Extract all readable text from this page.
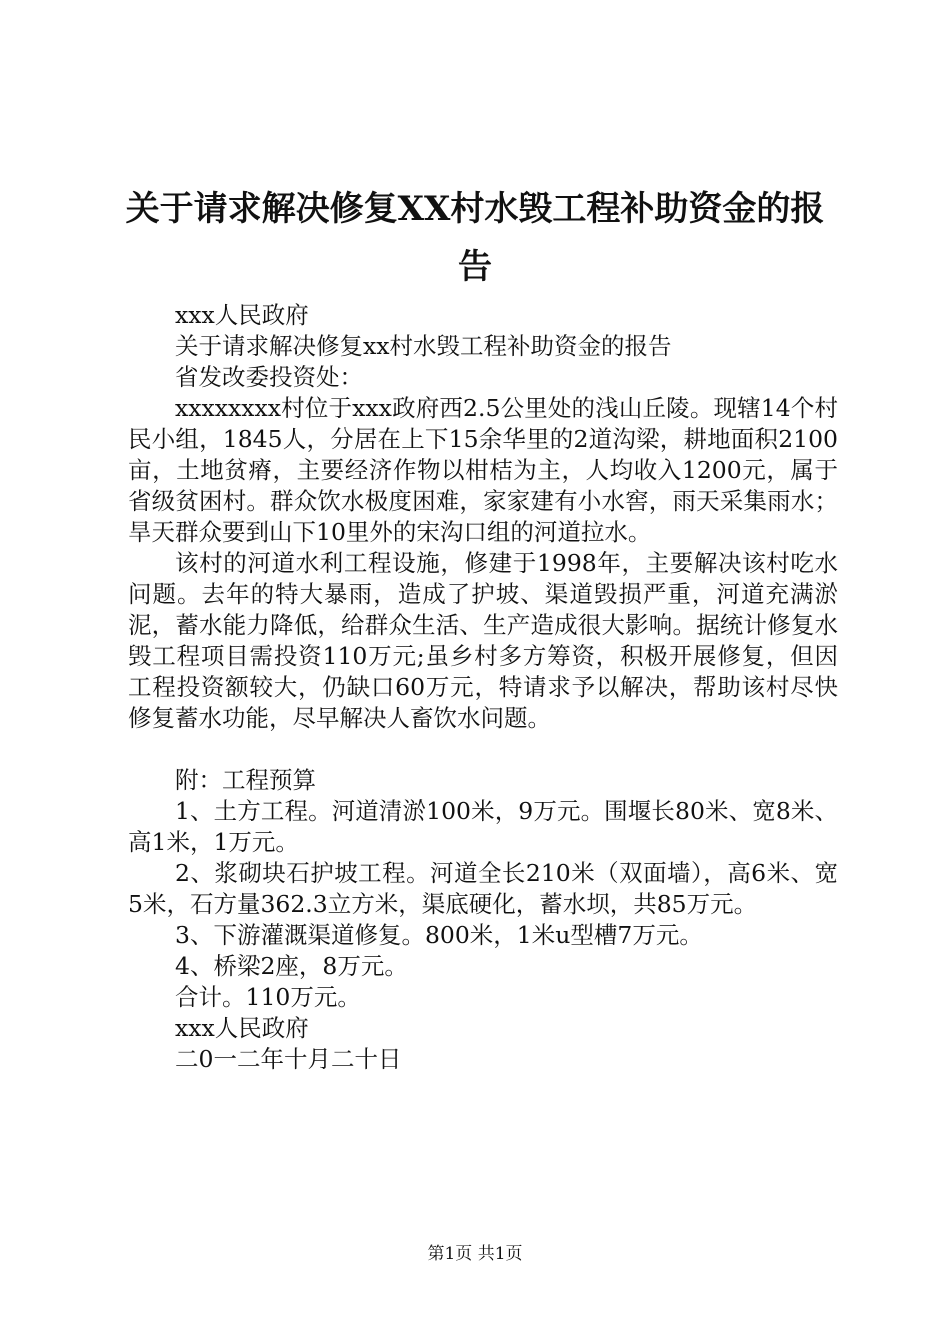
关于请求解决修复XX村水毁工程补助资金的报告

xxx人民政府

关于请求解决修复xx村水毁工程补助资金的报告

省发改委投资处：

xxxxxxxx村位于xxx政府西2.5公里处的浅山丘陵。现辖14个村民小组，1845人，分居在上下15余华里的2道沟梁，耕地面积2100亩，土地贫瘠，主要经济作物以柑桔为主，人均收入1200元，属于省级贫困村。群众饮水极度困难，家家建有小水窖，雨天采集雨水；旱天群众要到山下10里外的宋沟口组的河道拉水。

该村的河道水利工程设施，修建于1998年，主要解决该村吃水问题。去年的特大暴雨，造成了护坡、渠道毁损严重，河道充满淤泥，蓄水能力降低，给群众生活、生产造成很大影响。据统计修复水毁工程项目需投资110万元;虽乡村多方筹资，积极开展修复，但因工程投资额较大，仍缺口60万元，特请求予以解决，帮助该村尽快修复蓄水功能，尽早解决人畜饮水问题。

附：工程预算

1、土方工程。河道清淤100米，9万元。围堰长80米、宽8米、高1米，1万元。

2、浆砌块石护坡工程。河道全长210米（双面墙），高6米、宽5米，石方量362.3立方米，渠底硬化，蓄水坝，共85万元。

3、下游灌溉渠道修复。800米，1米u型槽7万元。

4、桥梁2座，8万元。

合计。110万元。

xxx人民政府

二0一二年十月二十日

第1页 共1页
